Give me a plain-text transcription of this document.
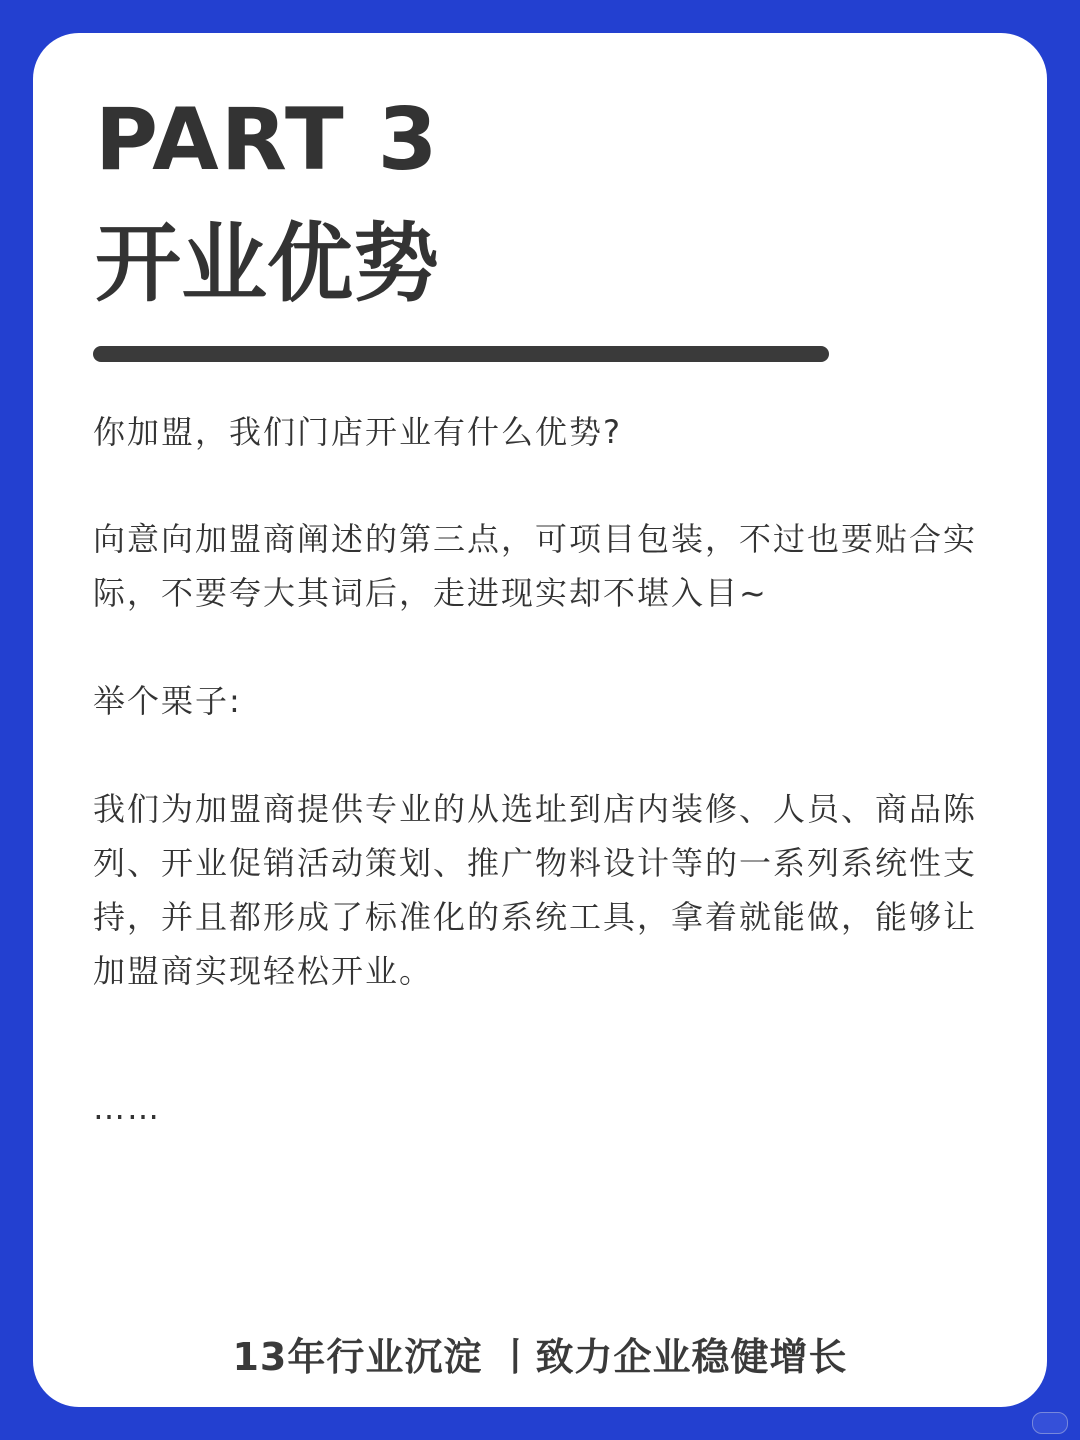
PART 3
开业优势
你加盟，我们门店开业有什么优势?
向意向加盟商阐述的第三点，可项目包装，不过也要贴合实际，不要夸大其词后，走进现实却不堪入目~
举个栗子:
我们为加盟商提供专业的从选址到店内装修、人员、商品陈列、开业促销活动策划、推广物料设计等的一系列系统性支持，并且都形成了标准化的系统工具，拿着就能做，能够让加盟商实现轻松开业。
……
13年行业沉淀 丨致力企业稳健增长
